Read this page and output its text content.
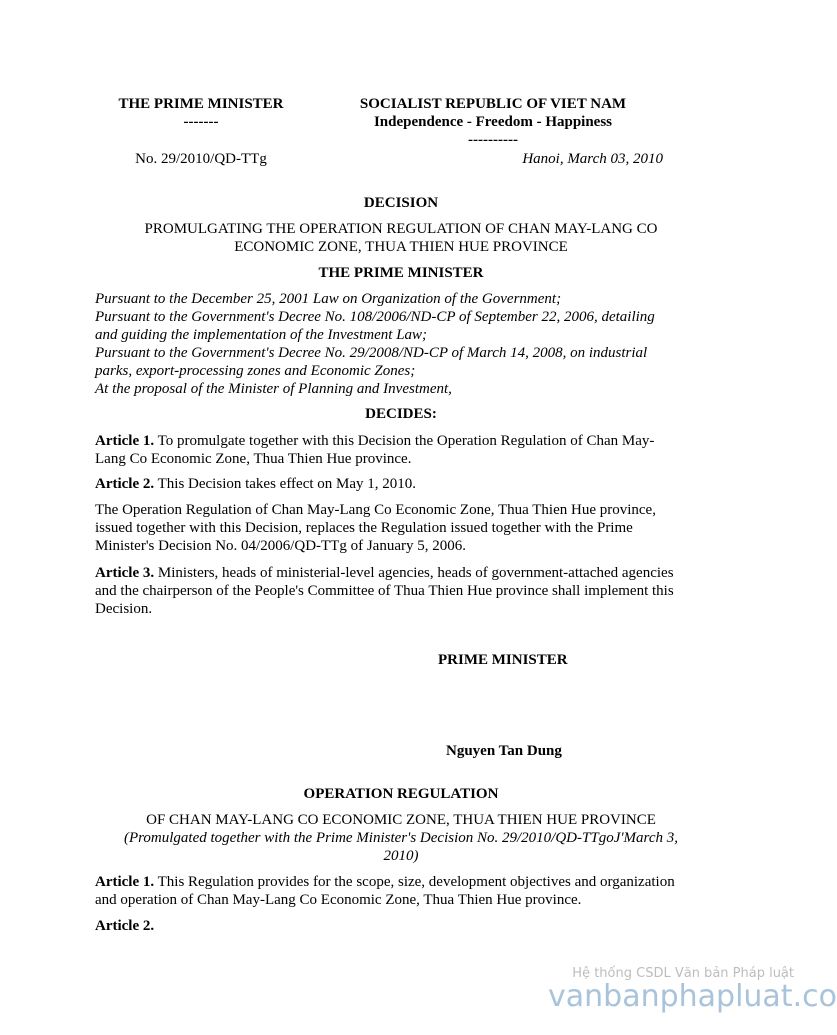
THE PRIME MINISTER
-------
SOCIALIST REPUBLIC OF VIET NAM
Independence - Freedom - Happiness
----------
No. 29/2010/QD-TTg	Hanoi, March 03, 2010
DECISION
PROMULGATING THE OPERATION REGULATION OF CHAN MAY-LANG CO
ECONOMIC ZONE, THUA THIEN HUE PROVINCE
THE PRIME MINISTER
Pursuant to the December 25, 2001 Law on Organization of the Government;
Pursuant to the Government's Decree No. 108/2006/ND-CP of September 22, 2006, detailing
and guiding the implementation of the Investment Law;
Pursuant to the Government's Decree No. 29/2008/ND-CP of March 14, 2008, on industrial
parks, export-processing zones and Economic Zones;
At the proposal of the Minister of Planning and Investment,
DECIDES:
Article 1. To promulgate together with this Decision the Operation Regulation of Chan May-
Lang Co Economic Zone, Thua Thien Hue province.
Article 2. This Decision takes effect on May 1, 2010.
The Operation Regulation of Chan May-Lang Co Economic Zone, Thua Thien Hue province,
issued together with this Decision, replaces the Regulation issued together with the Prime
Minister's Decision No. 04/2006/QD-TTg of January 5, 2006.
Article 3. Ministers, heads of ministerial-level agencies, heads of government-attached agencies
and the chairperson of the People's Committee of Thua Thien Hue province shall implement this
Decision.
PRIME MINISTER
Nguyen Tan Dung
OPERATION REGULATION
OF CHAN MAY-LANG CO ECONOMIC ZONE, THUA THIEN HUE PROVINCE
(Promulgated together with the Prime Minister's Decision No. 29/2010/QD-TTgoJ'March 3,
2010)
Article 1. This Regulation provides for the scope, size, development objectives and organization
and operation of Chan May-Lang Co Economic Zone, Thua Thien Hue province.
Article 2.
Hệ thống CSDL Văn bản Pháp luật
vanbanphapluat.co
